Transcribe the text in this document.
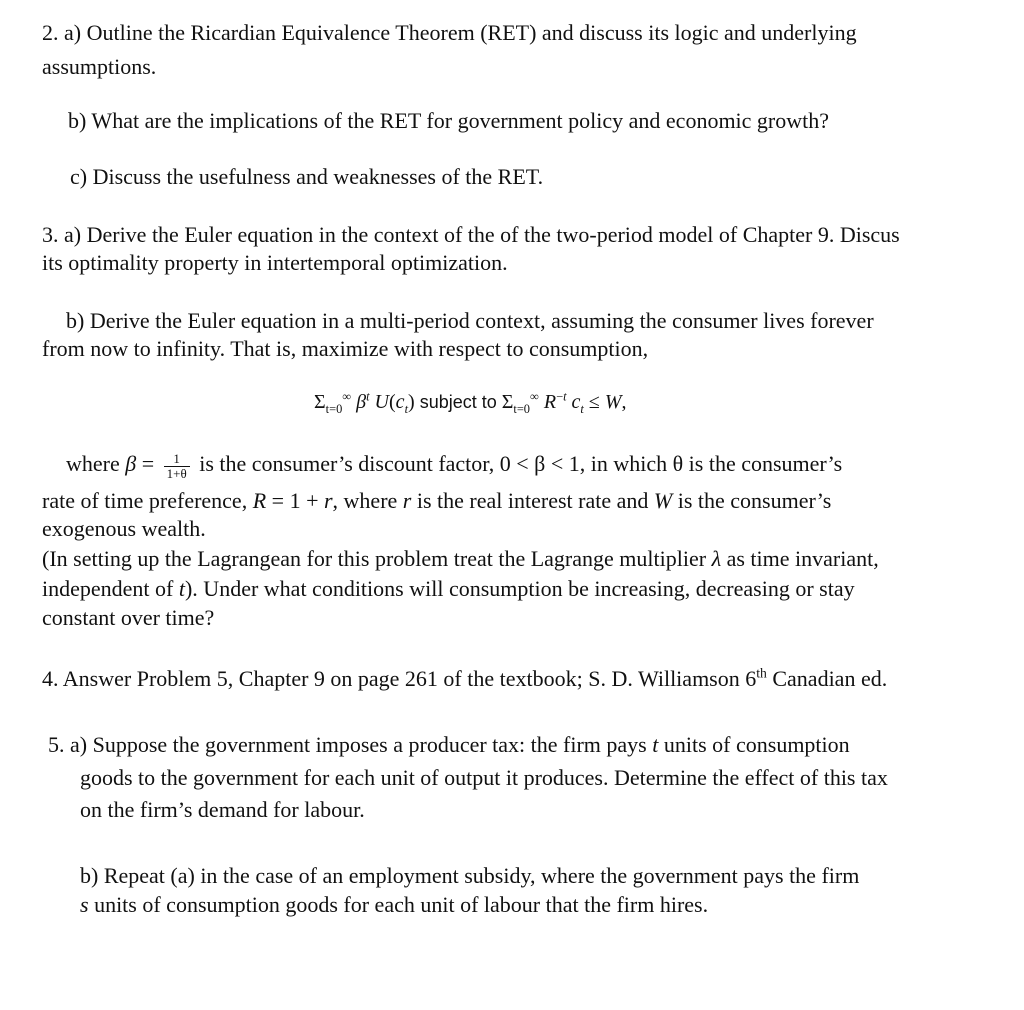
2. a) Outline the Ricardian Equivalence Theorem (RET) and discuss its logic and underlying
assumptions.
b) What are the implications of the RET for government policy and economic growth?
c) Discuss the usefulness and weaknesses of the RET.
3. a) Derive the Euler equation in the context of the of the two-period model of Chapter 9. Discus
its optimality property in intertemporal optimization.
b) Derive the Euler equation in a multi-period context, assuming the consumer lives forever
from now to infinity. That is, maximize with respect to consumption,
$\Sigma_{t=0}^\infty$ $\beta^t$ $U(c_t)$ subject to $\Sigma_{t=0}^\infty$ $R^{-t}$ $c_t \le W$,
where $\beta = \frac{1}{1+\theta}$ is the consumer’s discount factor, 0 < β < 1, in which θ is the consumer’s
rate of time preference, R = 1 + r, where r is the real interest rate and W is the consumer’s
exogenous wealth.
(In setting up the Lagrangean for this problem treat the Lagrange multiplier λ as time invariant,
independent of t). Under what conditions will consumption be increasing, decreasing or stay
constant over time?
4. Answer Problem 5, Chapter 9 on page 261 of the textbook; S. D. Williamson 6th Canadian ed.
5. a) Suppose the government imposes a producer tax: the firm pays t units of consumption
goods to the government for each unit of output it produces. Determine the effect of this tax
on the firm’s demand for labour.
b) Repeat (a) in the case of an employment subsidy, where the government pays the firm
s units of consumption goods for each unit of labour that the firm hires.
